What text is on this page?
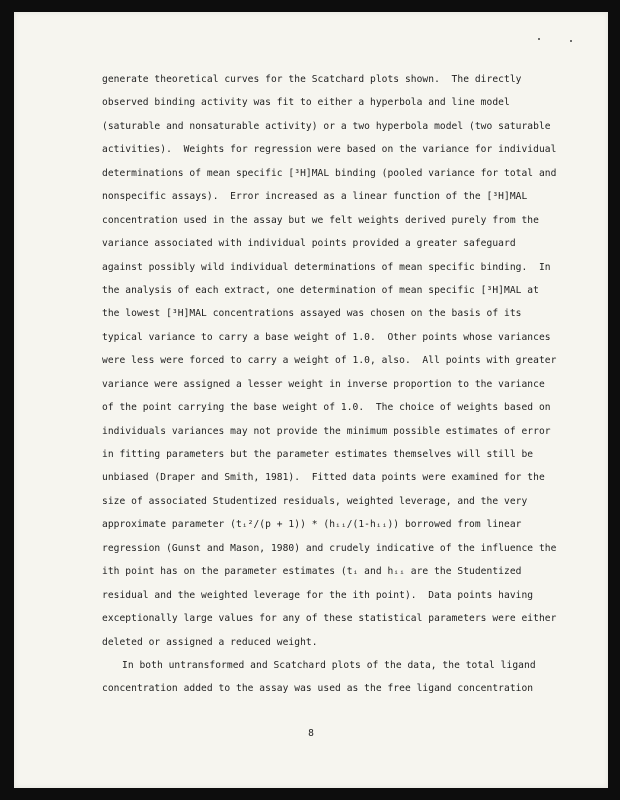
generate theoretical curves for the Scatchard plots shown.  The directly
observed binding activity was fit to either a hyperbola and line model
(saturable and nonsaturable activity) or a two hyperbola model (two saturable
activities).  Weights for regression were based on the variance for individual
determinations of mean specific [³H]MAL binding (pooled variance for total and
nonspecific assays).  Error increased as a linear function of the [³H]MAL
concentration used in the assay but we felt weights derived purely from the
variance associated with individual points provided a greater safeguard
against possibly wild individual determinations of mean specific binding.  In
the analysis of each extract, one determination of mean specific [³H]MAL at
the lowest [³H]MAL concentrations assayed was chosen on the basis of its
typical variance to carry a base weight of 1.0.  Other points whose variances
were less were forced to carry a weight of 1.0, also.  All points with greater
variance were assigned a lesser weight in inverse proportion to the variance
of the point carrying the base weight of 1.0.  The choice of weights based on
individuals variances may not provide the minimum possible estimates of error
in fitting parameters but the parameter estimates themselves will still be
unbiased (Draper and Smith, 1981).  Fitted data points were examined for the
size of associated Studentized residuals, weighted leverage, and the very
approximate parameter (tᵢ²/(p + 1)) * (hᵢᵢ/(1-hᵢᵢ)) borrowed from linear
regression (Gunst and Mason, 1980) and crudely indicative of the influence the
ith point has on the parameter estimates (tᵢ and hᵢᵢ are the Studentized
residual and the weighted leverage for the ith point).  Data points having
exceptionally large values for any of these statistical parameters were either
deleted or assigned a reduced weight.
In both untransformed and Scatchard plots of the data, the total ligand
concentration added to the assay was used as the free ligand concentration
8
